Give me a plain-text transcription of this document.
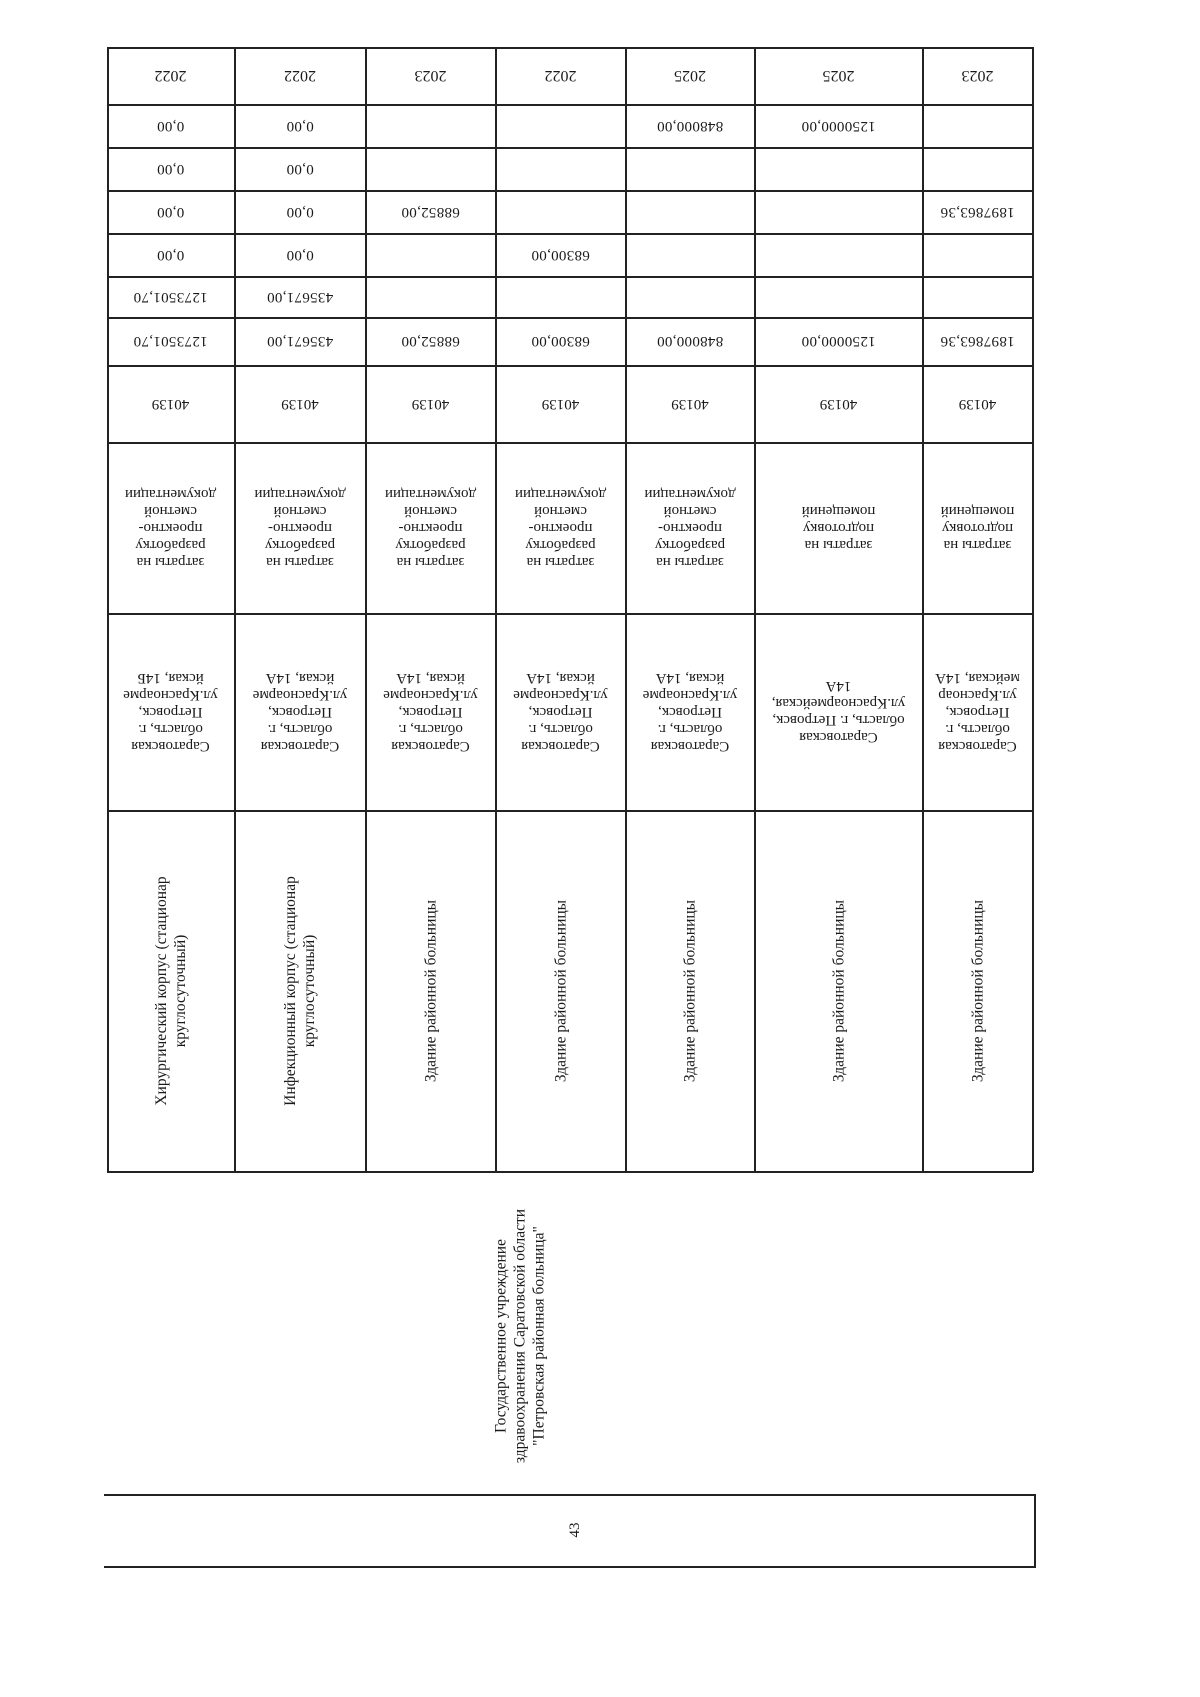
2022
0,00
0,00
0,00
0,00
1273501,70
1273501,70
40139
затраты на разработку проектно-сметной документации
Саратовская область, г. Петровск, ул.Красноарме йская, 14Б
Хирургический корпус (стационар круглосуточный)
2022
0,00
0,00
0,00
0,00
435671,00
435671,00
40139
затраты на разработку проектно-сметной документации
Саратовская область, г. Петровск, ул.Красноарме йская, 14А
Инфекционный корпус (стационар круглосуточный)
2023
68852,00
68852,00
40139
затраты на разработку проектно-сметной документации
Саратовская область, г. Петровск, ул.Красноарме йская, 14А
Здание районной больницы
2022
68300,00
68300,00
40139
затраты на разработку проектно-сметной документации
Саратовская область, г. Петровск, ул.Красноарме йская, 14А
Здание районной больницы
2025
848000,00
848000,00
40139
затраты на разработку проектно-сметной документации
Саратовская область, г. Петровск, ул.Красноарме йская, 14А
Здание районной больницы
2025
1250000,00
1250000,00
40139
затраты на подготовку помещений
Саратовская область, г. Петровск, ул.Красноармейская, 14А
Здание районной больницы
2023
1897863,36
1897863,36
40139
затраты на подготовку помещений
Саратовская область, г. Петровск, ул.Красноар мейская, 14А
Здание районной больницы
Государственное учреждение здравоохранения Саратовской области "Петровская районная больница"
43
